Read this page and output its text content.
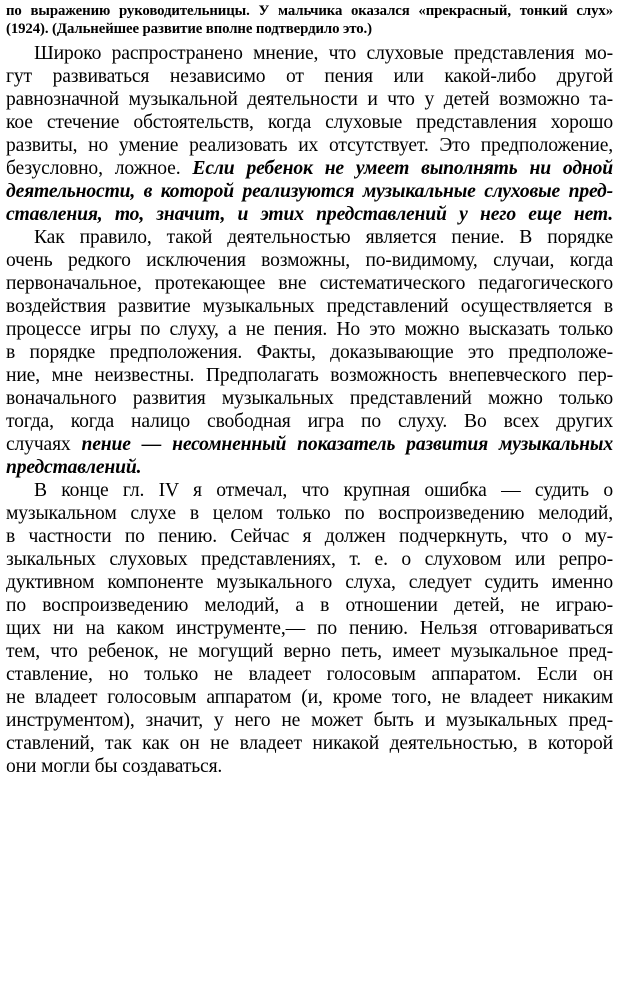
по выражению руководительницы. У мальчика оказался «прекрасный, тонкий слух»
(1924). (Дальнейшее развитие вполне подтвердило это.)
Широко распространено мнение, что слуховые представления мо-
гут развиваться независимо от пения или какой-либо другой
равнозначной музыкальной деятельности и что у детей возможно та-
кое стечение обстоятельств, когда слуховые представления хорошо
развиты, но умение реализовать их отсутствует. Это предположение,
безусловно, ложное. Если ребенок не умеет выполнять ни одной
деятельности, в которой реализуются музыкальные слуховые пред-
ставления, то, значит, и этих представлений у него еще нет.
Как правило, такой деятельностью является пение. В порядке
очень редкого исключения возможны, по-видимому, случаи, когда
первоначальное, протекающее вне систематического педагогического
воздействия развитие музыкальных представлений осуществляется в
процессе игры по слуху, а не пения. Но это можно высказать только
в порядке предположения. Факты, доказывающие это предположе-
ние, мне неизвестны. Предполагать возможность внепевческого пер-
воначального развития музыкальных представлений можно только
тогда, когда налицо свободная игра по слуху. Во всех других
случаях пение — несомненный показатель развития музыкальных
представлений.
В конце гл. IV я отмечал, что крупная ошибка — судить о
музыкальном слухе в целом только по воспроизведению мелодий,
в частности по пению. Сейчас я должен подчеркнуть, что о му-
зыкальных слуховых представлениях, т. е. о слуховом или репро-
дуктивном компоненте музыкального слуха, следует судить именно
по воспроизведению мелодий, а в отношении детей, не играю-
щих ни на каком инструменте,— по пению. Нельзя отговариваться
тем, что ребенок, не могущий верно петь, имеет музыкальное пред-
ставление, но только не владеет голосовым аппаратом. Если он
не владеет голосовым аппаратом (и, кроме того, не владеет никаким
инструментом), значит, у него не может быть и музыкальных пред-
ставлений, так как он не владеет никакой деятельностью, в которой
они могли бы создаваться.
